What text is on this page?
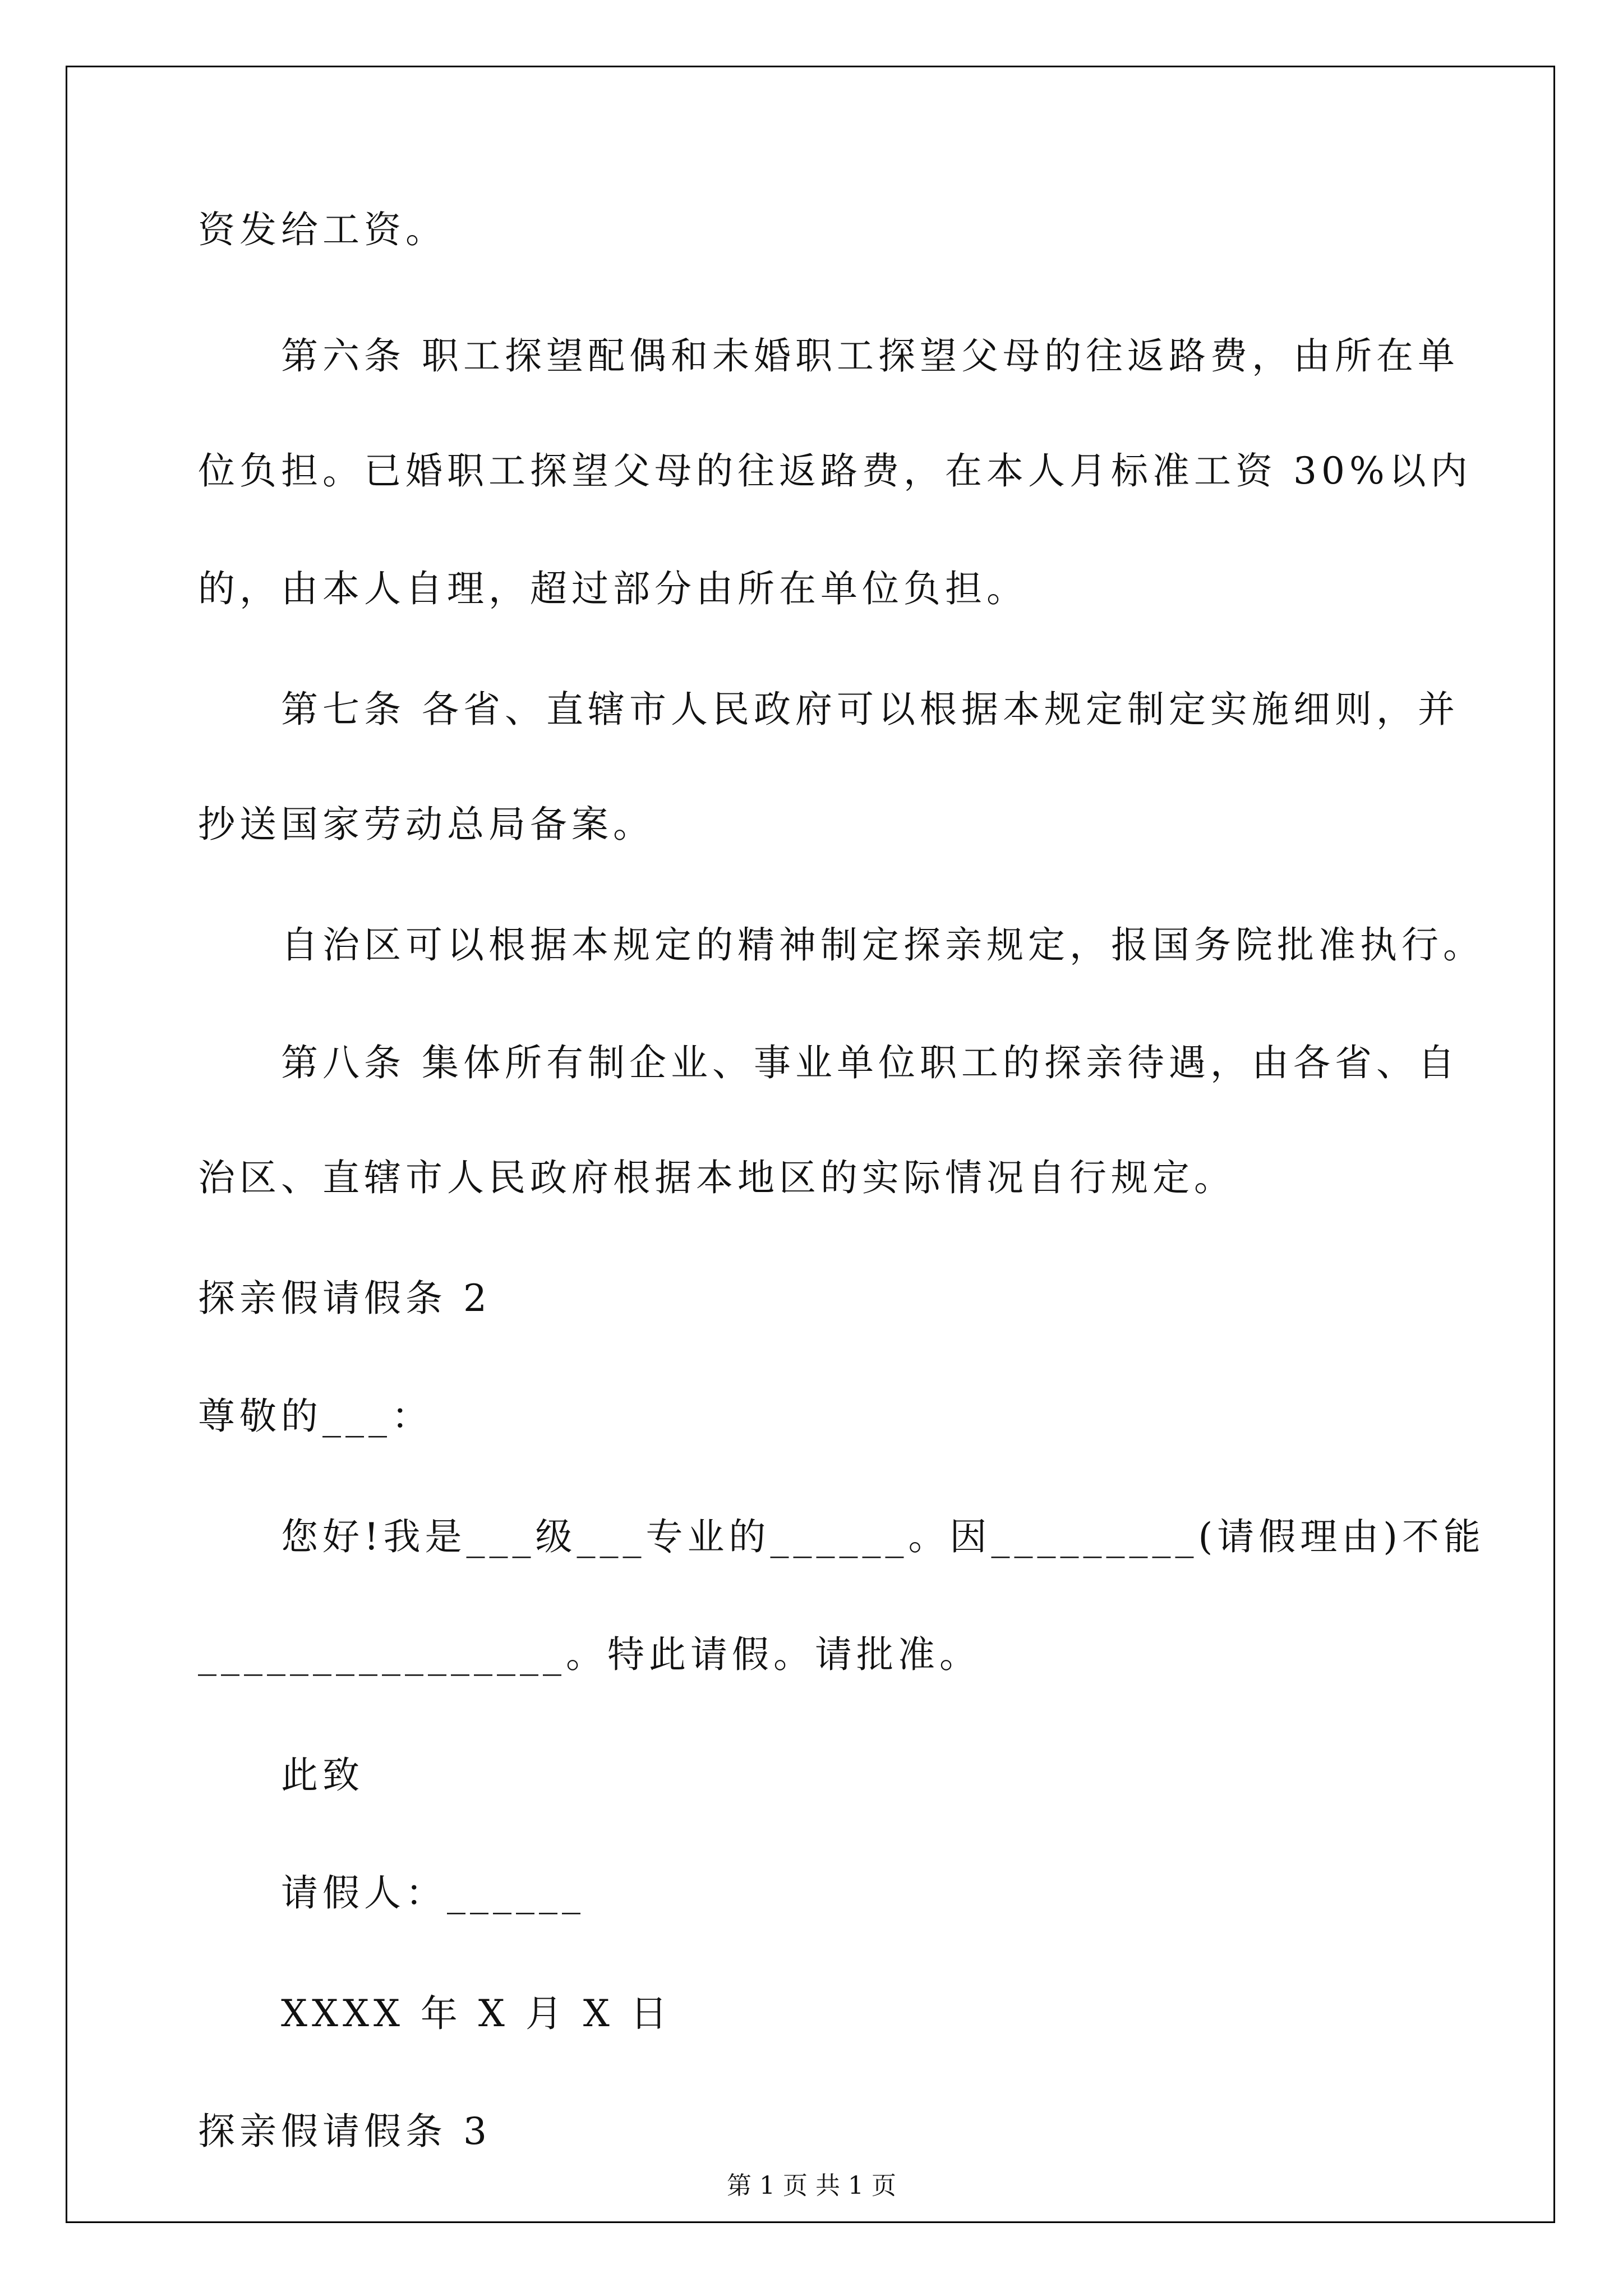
资发给工资。
第六条 职工探望配偶和未婚职工探望父母的往返路费，由所在单
位负担。已婚职工探望父母的往返路费，在本人月标准工资 30%以内
的，由本人自理，超过部分由所在单位负担。
第七条 各省、直辖市人民政府可以根据本规定制定实施细则，并
抄送国家劳动总局备案。
自治区可以根据本规定的精神制定探亲规定，报国务院批准执行。
第八条 集体所有制企业、事业单位职工的探亲待遇，由各省、自
治区、直辖市人民政府根据本地区的实际情况自行规定。
探亲假请假条 2
尊敬的___：
您好!我是___级___专业的______。因_________(请假理由)不能
________________。特此请假。请批准。
此致
请假人：______
XXXX 年 X 月 X 日
探亲假请假条 3
第 1 页 共 1 页
